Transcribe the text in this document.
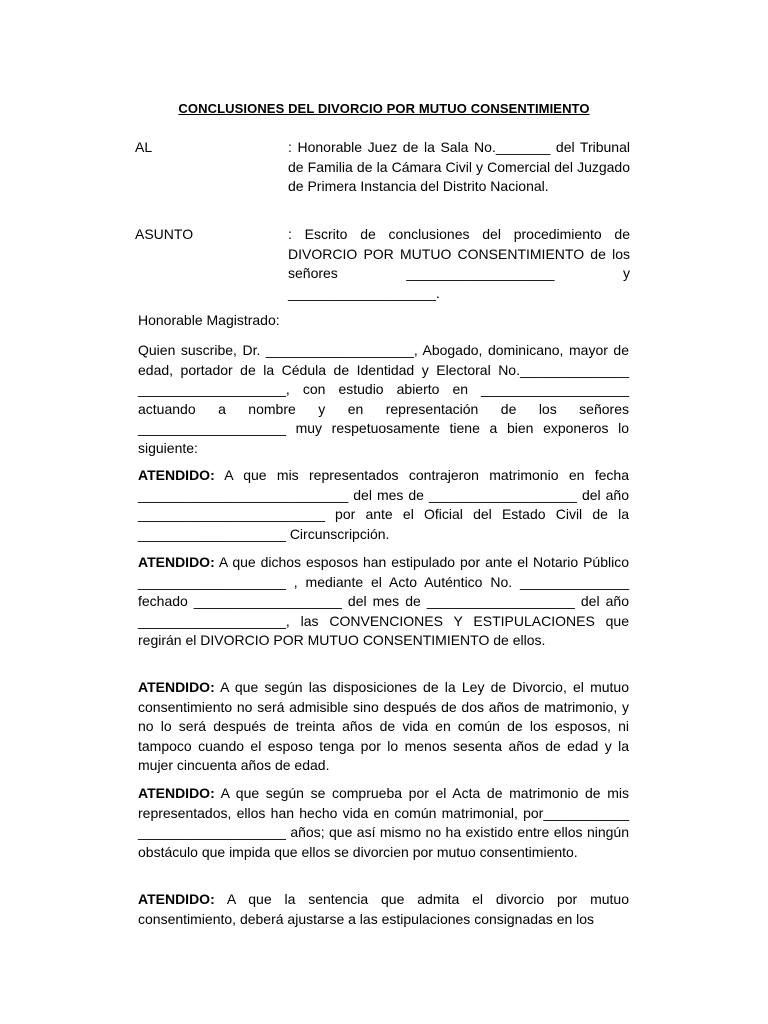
CONCLUSIONES DEL DIVORCIO POR MUTUO CONSENTIMIENTO
AL	: Honorable Juez de la Sala No._______ del Tribunal de Familia de la Cámara Civil y Comercial del Juzgado de Primera Instancia del Distrito Nacional.
ASUNTO	: Escrito de conclusiones del procedimiento de DIVORCIO POR MUTUO CONSENTIMIENTO de los señores ___________________ y
___________________.
Honorable Magistrado:
Quien suscribe, Dr. ___________________, Abogado, dominicano, mayor de edad, portador de la Cédula de Identidad y Electoral No.______________ ___________________, con estudio abierto en ___________________ actuando a nombre y en representación de los señores ___________________ muy respetuosamente tiene a bien exponeros lo siguiente:
ATENDIDO: A que mis representados contrajeron matrimonio en fecha ___________________________ del mes de ___________________ del año ________________________ por ante el Oficial del Estado Civil de la ___________________ Circunscripción.
ATENDIDO: A que dichos esposos han estipulado por ante el Notario Público ___________________ , mediante el Acto Auténtico No. ______________ fechado ___________________ del mes de ___________________ del año ___________________, las CONVENCIONES Y ESTIPULACIONES que regirán el DIVORCIO POR MUTUO CONSENTIMIENTO de ellos.
ATENDIDO: A que según las disposiciones de la Ley de Divorcio, el mutuo consentimiento no será admisible sino después de dos años de matrimonio, y no lo será después de treinta años de vida en común de los esposos, ni tampoco cuando el esposo tenga por lo menos sesenta años de edad y la mujer cincuenta años de edad.
ATENDIDO: A que según se comprueba por el Acta de matrimonio de mis representados, ellos han hecho vida en común matrimonial, por___________ ___________________ años; que así mismo no ha existido entre ellos ningún obstáculo que impida que ellos se divorcien por mutuo consentimiento.
ATENDIDO: A que la sentencia que admita el divorcio por mutuo consentimiento, deberá ajustarse a las estipulaciones consignadas en los
